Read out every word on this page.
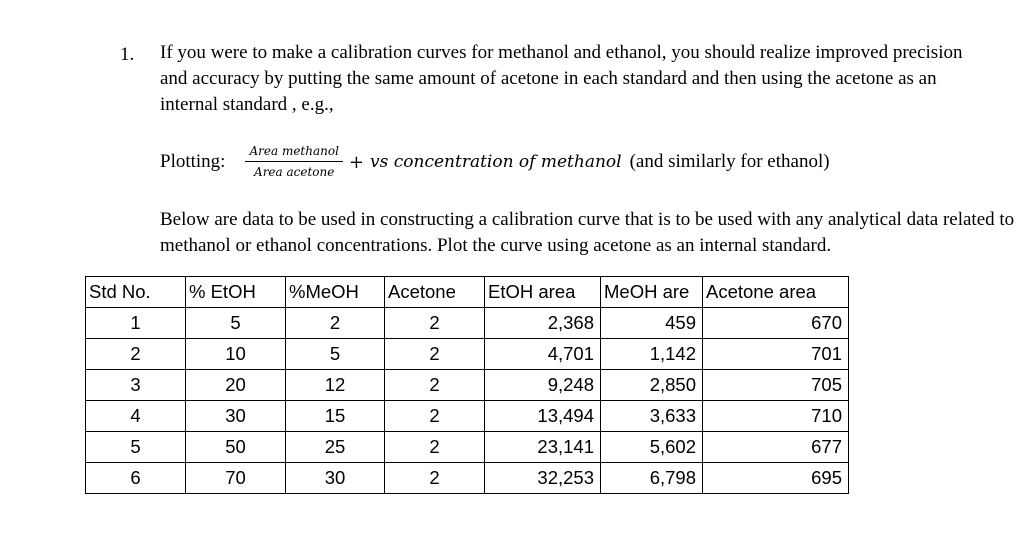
1. If you were to make a calibration curves for methanol and ethanol, you should realize improved precision and accuracy by putting the same amount of acetone in each standard and then using the acetone as an internal standard , e.g.,
Plotting: $\frac{\text{Area methanol}}{\text{Area acetone}}$ + vs concentration of methanol (and similarly for ethanol)
Below are data to be used in constructing a calibration curve that is to be used with any analytical data related to methanol or ethanol concentrations. Plot the curve using acetone as an internal standard.
Std No.	% EtOH	%MeOH	Acetone	EtOH area	MeOH are	Acetone area
1	5	2	2	2,368	459	670
2	10	5	2	4,701	1,142	701
3	20	12	2	9,248	2,850	705
4	30	15	2	13,494	3,633	710
5	50	25	2	23,141	5,602	677
6	70	30	2	32,253	6,798	695
